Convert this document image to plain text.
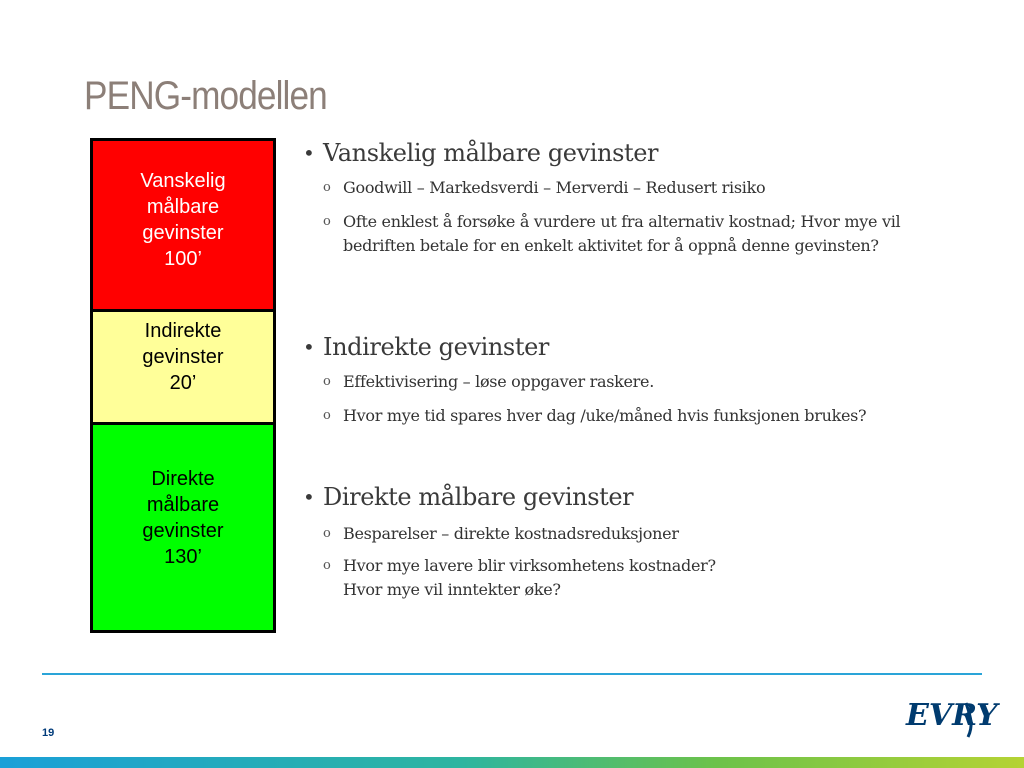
PENG-modellen
Vanskelig
målbare
gevinster
100’
Indirekte
gevinster
20’
Direkte
målbare
gevinster
130’
• Vanskelig målbare gevinster
o Goodwill – Markedsverdi – Merverdi – Redusert risiko
o Ofte enklest å forsøke å vurdere ut fra alternativ kostnad; Hvor mye vil
bedriften betale for en enkelt aktivitet for å oppnå denne gevinsten?
• Indirekte gevinster
o Effektivisering – løse oppgaver raskere.
o Hvor mye tid spares hver dag /uke/måned hvis funksjonen brukes?
• Direkte målbare gevinster
o Besparelser – direkte kostnadsreduksjoner
o Hvor mye lavere blir virksomhetens kostnader?
Hvor mye vil inntekter øke?
19	EVRY
